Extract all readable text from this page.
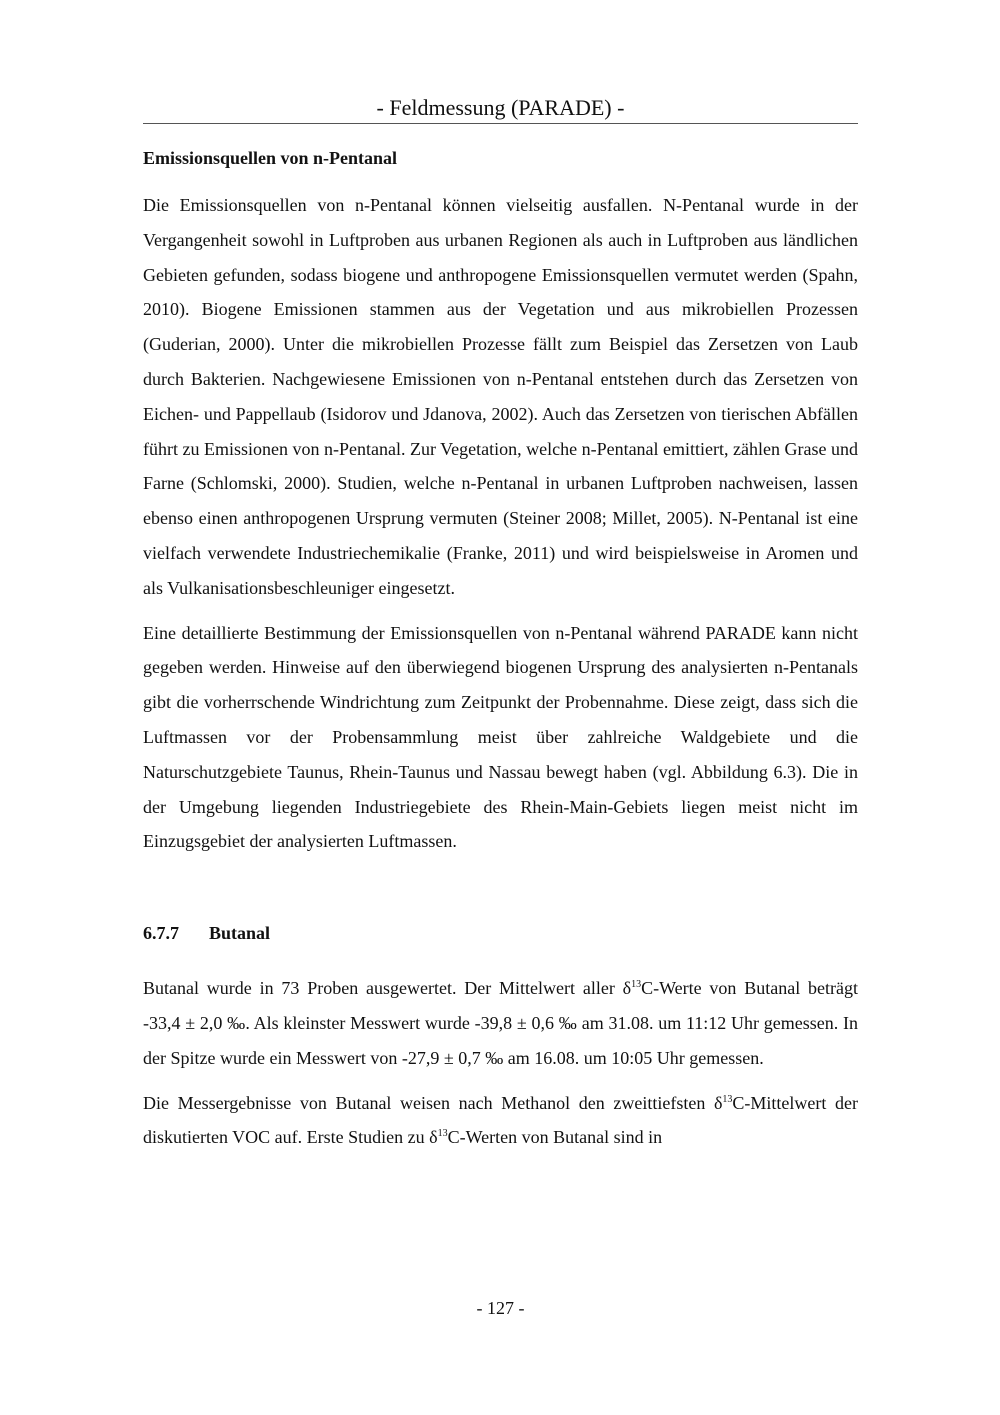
- Feldmessung (PARADE) -
Emissionsquellen von n-Pentanal

Die Emissionsquellen von n-Pentanal können vielseitig ausfallen. N-Pentanal wurde in der Vergangenheit sowohl in Luftproben aus urbanen Regionen als auch in Luftproben aus ländlichen Gebieten gefunden, sodass biogene und anthropogene Emissionsquellen vermutet werden (Spahn, 2010). Biogene Emissionen stammen aus der Vegetation und aus mikrobiellen Prozessen (Guderian, 2000). Unter die mikrobiellen Prozesse fällt zum Beispiel das Zersetzen von Laub durch Bakterien. Nachgewiesene Emissionen von n-Pentanal entstehen durch das Zersetzen von Eichen- und Pappellaub (Isidorov und Jdanova, 2002). Auch das Zersetzen von tierischen Abfällen führt zu Emissionen von n-Pentanal. Zur Vegetation, welche n-Pentanal emittiert, zählen Grase und Farne (Schlomski, 2000). Studien, welche n-Pentanal in urbanen Luftproben nachweisen, lassen ebenso einen anthropogenen Ursprung vermuten (Steiner 2008; Millet, 2005). N-Pentanal ist eine vielfach verwendete Industriechemikalie (Franke, 2011) und wird beispielsweise in Aromen und als Vulkanisationsbeschleuniger eingesetzt.

Eine detaillierte Bestimmung der Emissionsquellen von n-Pentanal während PARADE kann nicht gegeben werden. Hinweise auf den überwiegend biogenen Ursprung des analysierten n-Pentanals gibt die vorherrschende Windrichtung zum Zeitpunkt der Probennahme. Diese zeigt, dass sich die Luftmassen vor der Probensammlung meist über zahlreiche Waldgebiete und die Naturschutzgebiete Taunus, Rhein-Taunus und Nassau bewegt haben (vgl. Abbildung 6.3). Die in der Umgebung liegenden Industriegebiete des Rhein-Main-Gebiets liegen meist nicht im Einzugsgebiet der analysierten Luftmassen.

6.7.7 Butanal

Butanal wurde in 73 Proben ausgewertet. Der Mittelwert aller $\delta^{13}C$-Werte von Butanal beträgt -33,4 ± 2,0 ‰. Als kleinster Messwert wurde -39,8 ± 0,6 ‰ am 31.08. um 11:12 Uhr gemessen. In der Spitze wurde ein Messwert von -27,9 ± 0,7 ‰ am 16.08. um 10:05 Uhr gemessen.

Die Messergebnisse von Butanal weisen nach Methanol den zweittiefsten $\delta^{13}C$-Mittelwert der diskutierten VOC auf. Erste Studien zu $\delta^{13}C$-Werten von Butanal sind in

- 127 -
